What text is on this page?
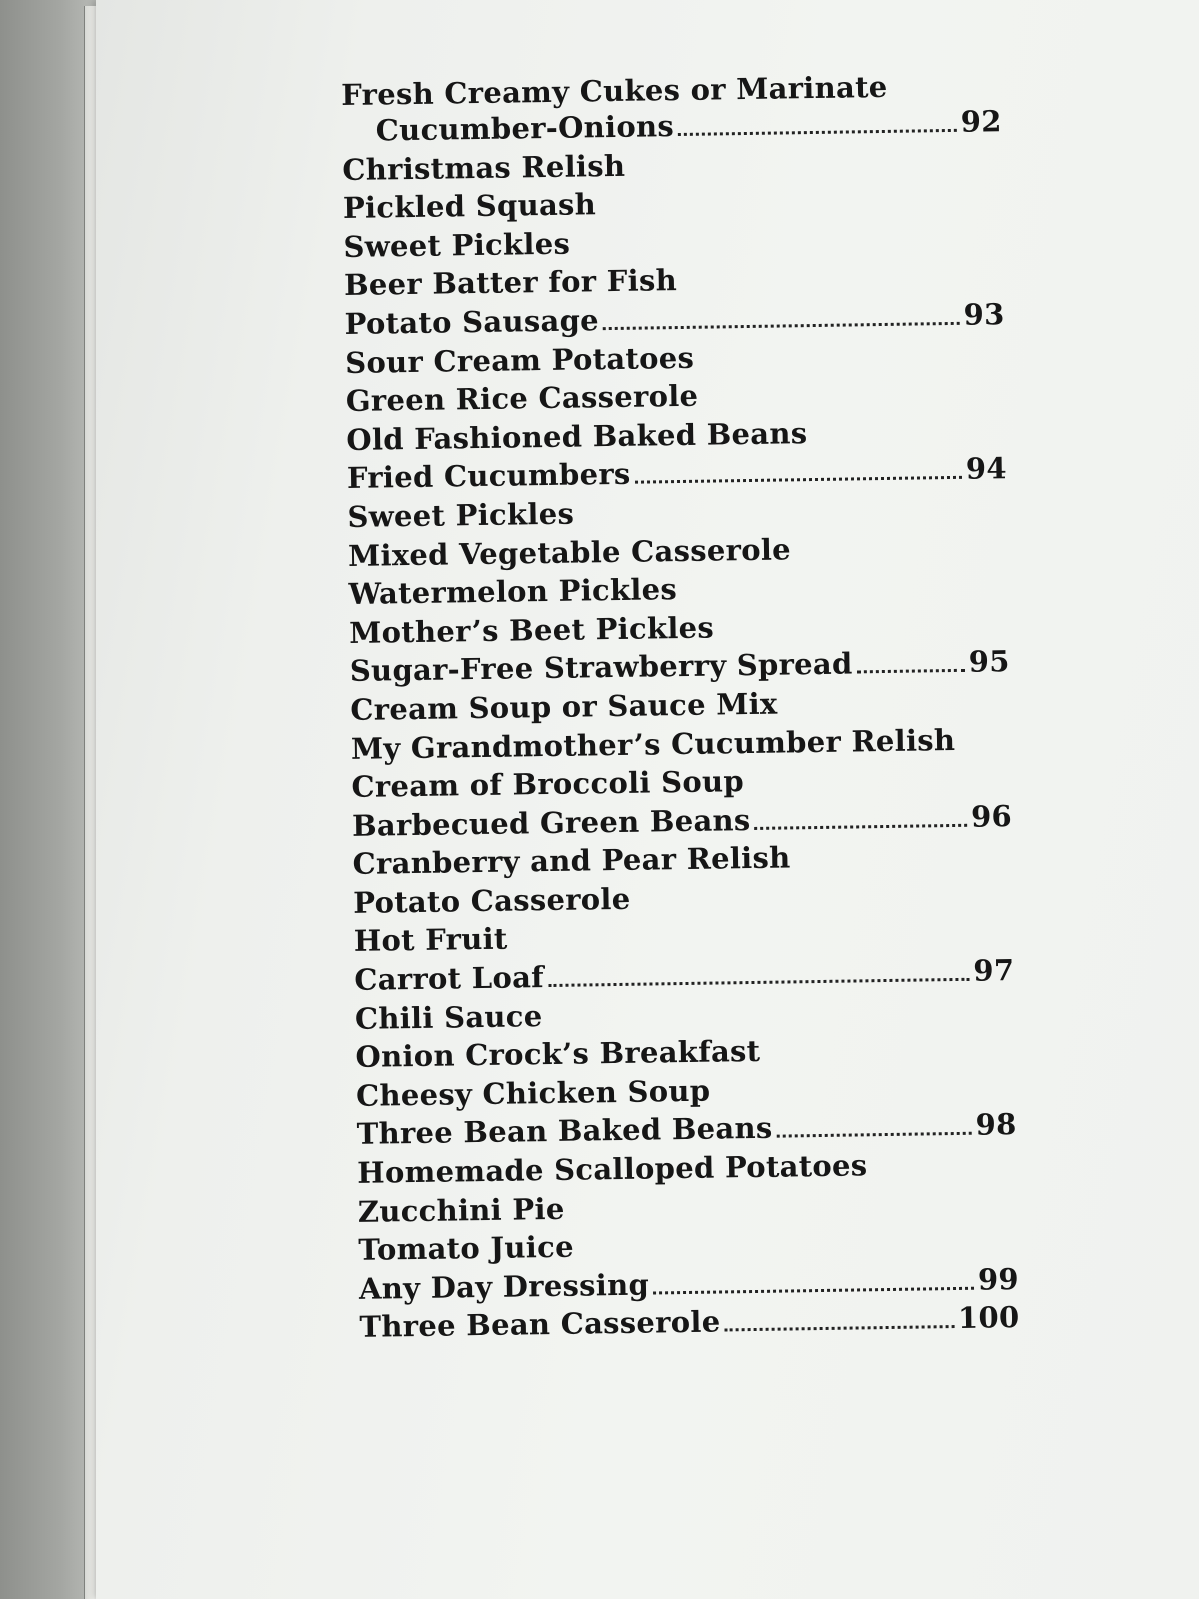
Fresh Creamy Cukes or Marinate
Cucumber-Onions	92
Christmas Relish
Pickled Squash
Sweet Pickles
Beer Batter for Fish
Potato Sausage	93
Sour Cream Potatoes
Green Rice Casserole
Old Fashioned Baked Beans
Fried Cucumbers	94
Sweet Pickles
Mixed Vegetable Casserole
Watermelon Pickles
Mother’s Beet Pickles
Sugar-Free Strawberry Spread	95
Cream Soup or Sauce Mix
My Grandmother’s Cucumber Relish
Cream of Broccoli Soup
Barbecued Green Beans	96
Cranberry and Pear Relish
Potato Casserole
Hot Fruit
Carrot Loaf	97
Chili Sauce
Onion Crock’s Breakfast
Cheesy Chicken Soup
Three Bean Baked Beans	98
Homemade Scalloped Potatoes
Zucchini Pie
Tomato Juice
Any Day Dressing	99
Three Bean Casserole	100
